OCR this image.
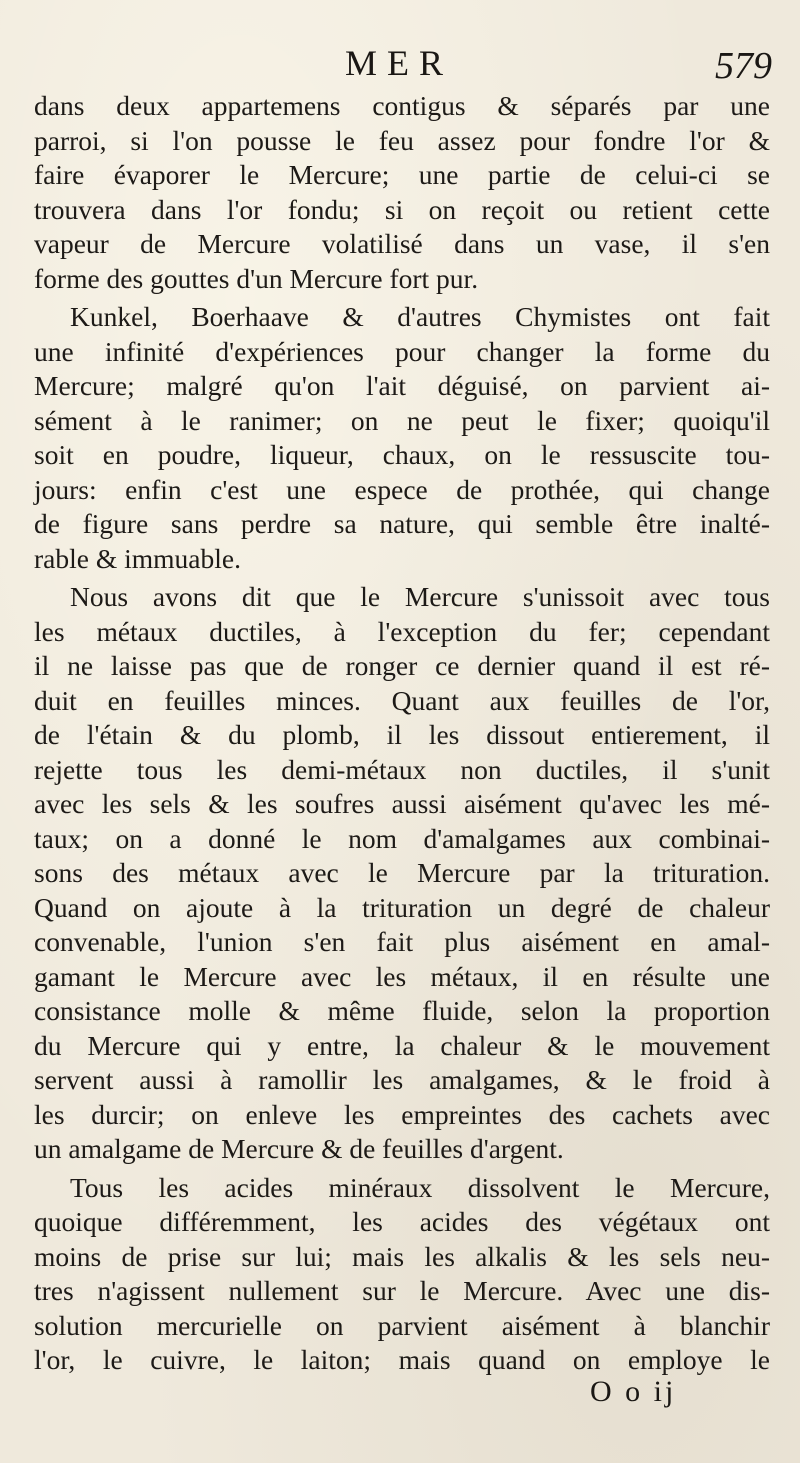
MER	579

dans deux appartemens contigus & séparés par une
parroi, si l'on pousse le feu assez pour fondre l'or &
faire évaporer le Mercure; une partie de celui-ci se
trouvera dans l'or fondu; si on reçoit ou retient cette
vapeur de Mercure volatilisé dans un vase, il s'en
forme des gouttes d'un Mercure fort pur.

Kunkel, Boerhaave & d'autres Chymistes ont fait
une infinité d'expériences pour changer la forme du
Mercure; malgré qu'on l'ait déguisé, on parvient ai-
sément à le ranimer; on ne peut le fixer; quoiqu'il
soit en poudre, liqueur, chaux, on le ressuscite tou-
jours: enfin c'est une espece de prothée, qui change
de figure sans perdre sa nature, qui semble être inalté-
rable & immuable.

Nous avons dit que le Mercure s'unissoit avec tous
les métaux ductiles, à l'exception du fer; cependant
il ne laisse pas que de ronger ce dernier quand il est ré-
duit en feuilles minces. Quant aux feuilles de l'or,
de l'étain & du plomb, il les dissout entierement, il
rejette tous les demi-métaux non ductiles, il s'unit
avec les sels & les soufres aussi aisément qu'avec les mé-
taux; on a donné le nom d'amalgames aux combinai-
sons des métaux avec le Mercure par la trituration.
Quand on ajoute à la trituration un degré de chaleur
convenable, l'union s'en fait plus aisément en amal-
gamant le Mercure avec les métaux, il en résulte une
consistance molle & même fluide, selon la proportion
du Mercure qui y entre, la chaleur & le mouvement
servent aussi à ramollir les amalgames, & le froid à
les durcir; on enleve les empreintes des cachets avec
un amalgame de Mercure & de feuilles d'argent.

Tous les acides minéraux dissolvent le Mercure,
quoique différemment, les acides des végétaux ont
moins de prise sur lui; mais les alkalis & les sels neu-
tres n'agissent nullement sur le Mercure. Avec une dis-
solution mercurielle on parvient aisément à blanchir
l'or, le cuivre, le laiton; mais quand on employe le

O o ij
